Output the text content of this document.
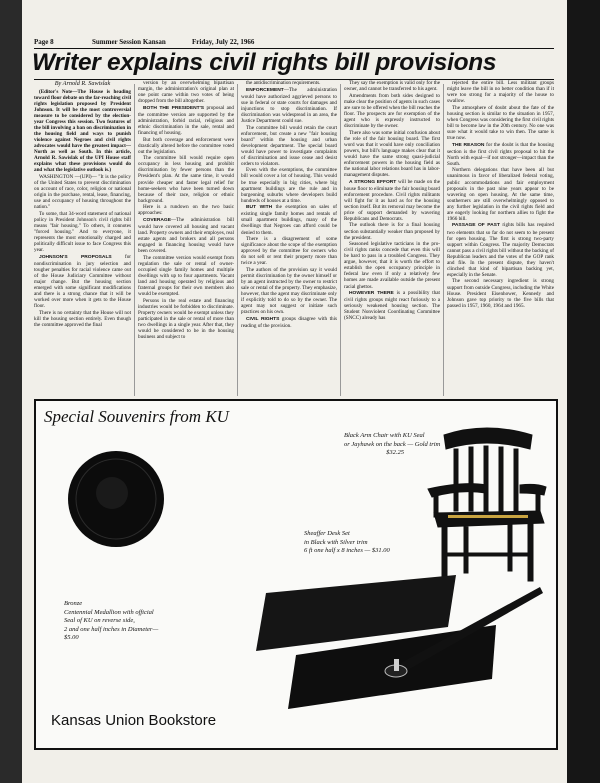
Page 8	Summer Session Kansan	Friday, July 22, 1966
Writer explains civil rights bill provisions

By Arnold R. Sawislak

(Editor's Note—The House is heading toward floor debate on the far-reaching civil rights legislation proposed by President Johnson. It will be the most controversial measure to be considered by the election-year Congress this session. Two features of the bill involving a ban on discrimination in the housing field and ways to punish violence against Negroes and civil rights advocates would have the greatest impact—North as well as South. In this article, Arnold R. Sawislak of the UPI House staff explains what these provisions would do and what the legislative outlook is.)

WASHINGTON —(UPI)— "It is the policy of the United States to prevent discrimination on account of race, color, religion or national origin in the purchase, rental, lease, financing, use and occupancy of housing throughout the nation."

To some, that 34-word statement of national policy in President Johnson's civil rights bill means "fair housing." To others, it connotes "forced housing." And to everyone, it represents the most emotionally charged and politically difficult issue to face Congress this year.

JOHNSON'S PROPOSALS for nondiscrimination in jury selection and tougher penalties for racial violence came out of the House Judiciary Committee without major change. But the housing section emerged with some significant modifications and there is a strong chance that it will be worked over more when it gets to the House floor.

There is no certainty that the House will not kill the housing section entirely. Even though the committee approved the final

version by an overwhelming bipartisan margin, the administration's original plan at one point came within two votes of being dropped from the bill altogether.

BOTH THE PRESIDENT'S proposal and the committee version are supported by the administration, forbid racial, religious and ethnic discrimination in the sale, rental and financing of housing.

But both coverage and enforcement were drastically altered before the committee voted out the legislation.

The committee bill would require open occupancy in less housing and prohibit discrimination by fewer persons than the President's plan. At the same time, it would provide cheaper and faster legal relief for home-seekers who have been turned down because of their race, religion or ethnic background.

Here is a rundown on the two basic approaches:

COVERAGE—The administration bill would have covered all housing and vacant land. Property owners and their employes, real estate agents and brokers and all persons engaged in financing housing would have been covered.

The committee version would exempt from regulation the sale or rental of owner-occupied single family homes and multiple dwellings with up to four apartments. Vacant land and housing operated by religious and fraternal groups for their own members also would be exempted.

Persons in the real estate and financing industries would be forbidden to discriminate. Property owners would be exempt unless they participated in the sale or rental of more than two dwellings in a single year. After that, they would be considered to be in the housing business and subject to

the antidiscrimination requirements.

ENFORCEMENT—The administration would have authorized aggrieved persons to sue in federal or state courts for damages and injunctions to stop discrimination. If discrimination was widespread in an area, the Justice Department could sue.

The committee bill would retain the court enforcement, but create a new "fair housing board" within the housing and urban development department. The special board would have power to investigate complaints of discrimination and issue cease and desist orders to violators.

Even with the exemptions, the committee bill would cover a lot of housing. This would be true especially in big cities, where big apartment buildings are the rule and in burgeoning suburbs where developers build hundreds of houses at a time.

BUT WITH the exemption on sales of existing single family homes and rentals of small apartment buildings, many of the dwellings that Negroes can afford could be denied to them.

There is a disagreement of some significance about the scope of the exemption approved by the committee for owners who do not sell or rent their property more than twice a year.

The authors of the provision say it would permit discrimination by the owner himself or by an agent instructed by the owner to restrict sale or rental of the property. They emphasize, however, that the agent may discriminate only if explicitly told to do so by the owner. The agent may not suggest or initiate such practices on his own.

CIVIL RIGHTS groups disagree with this reading of the provision.

They say the exemption is valid only for the owner, and cannot be transferred to his agent.

Amendments from both sides designed to make clear the position of agents in such cases are sure to be offered when the bill reaches the floor. The prospects are for exemption of the agent who is expressly instructed to discriminate by the owner.

There also was some initial confusion about the role of the fair housing board. The first word was that it would have only conciliation powers, but bill's language makes clear that it would have the same strong quasi-judicial enforcement powers in the housing field as the national labor relations board has in labor-management disputes.

A STRONG EFFORT will be made on the house floor to eliminate the fair housing board enforcement procedure. Civil rights militants will fight for it as hard as for the housing section itself. But its removal may become the price of support demanded by wavering Republicans and Democrats.

The outlook there is for a final housing section substantially weaker than proposed by the president.

Seasoned legislative tacticians in the pro-civil rights ranks concede that even this will be hard to pass in a troubled Congress. They argue, however, that it is worth the effort to establish the open occupancy principle in federal law even if only a relatively few homes are made available outside the present racial ghettos.

HOWEVER THERE is a possibility that civil rights groups might react furiously to a seriously weakened housing section. The Student Nonviolent Coordinating Committee (SNCC) already has

rejected the entire bill. Less militant groups might leave the bill in no better condition than if it were too strong for a majority of the house to swallow.

The atmosphere of doubt about the fate of the housing section is similar to the situation in 1957, when Congress was considering the first civil rights bill to become law in the 20th century. No one was sure what it would take to win then. The same is true now.

THE REASON for the doubt is that the housing section is the first civil rights proposal to hit the North with equal—if not stronger—impact than the South.

Northern delegations that have been all but unanimous in favor of liberalized federal voting, public accommodations and fair employment proposals in the past nine years appear to be wavering on open housing. At the same time, southerners are still overwhelmingly opposed to any further legislation in the civil rights field and are eagerly looking for northern allies to fight the 1966 bill.

PASSAGE OF PAST rights bills has required two elements that so far do not seem to be present for open housing. The first is strong two-party support within Congress. The majority Democrats cannot pass a civil rights bill without the backing of Republican leaders and the votes of the GOP rank and file. In the present dispute, they haven't clinched that kind of bipartisan backing yet, especially in the Senate.

The second necessary ingredient is strong support from outside Congress, including the White House. President Eisenhower, Kennedy and Johnson gave top priority to the five bills that passed in 1957, 1960, 1964 and 1965.

Special Souvenirs from KU
Black Arm Chair with KU Seal
or Jayhawk on the back — Gold trim
$32.25
Sheaffer Desk Set
in Black with Silver trim
6 ft one half x 8 inches — $31.00
Bronze
Centennial Medallion with official
Seal of KU on reverse side,
2 and one half inches in Diameter—
$5.00
Kansas Union Bookstore
